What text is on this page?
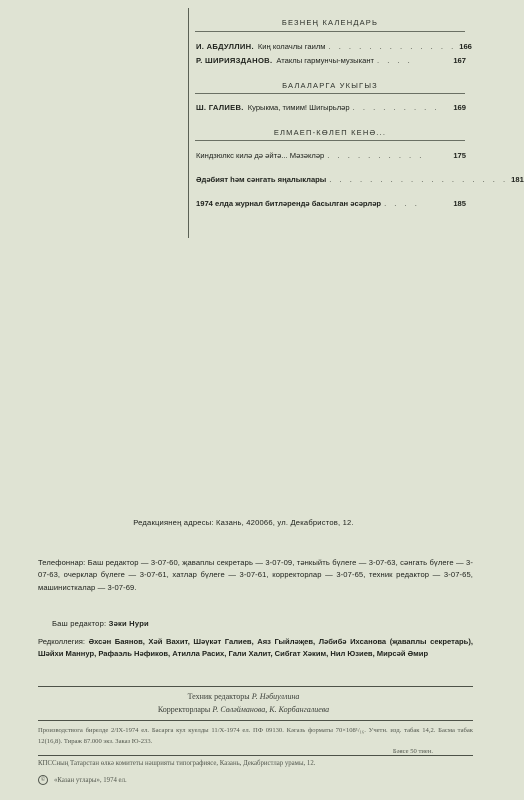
БЕЗНЕҢ КАЛЕНДАРЬ
И. АБДУЛЛИН. Киң колачлы гаилм . . . . . . . . . . . . . 166
Р. ШИРИЯЗДАНОВ. Атаклы гармунчы-музыкант . . . .	167
БАЛАЛАРГА УКЫГЫЗ
Ш. ГАЛИЕВ. Курыкма, тимим! Шигырьләр . . . . . . . . .	169
ЕЛМАЕП-КӨЛЕП КЕНӘ...
Киндзюлкс килә дә әйтә... Мәзәкләр . . . . . . . . . .	175
Әдәбият һәм сәнгать яңалыклары . . . . . . . . . . . . . . . . . . 181
1974 елда журнал битләрендә басылган әсәрләр . . . .	185
Редакциянең адресы: Казань, 420066, ул. Декабристов, 12.
Телефоннар: Баш редактор — 3-07-60, җаваплы секретарь — 3-07-09, тәнкыйть бүлеге — 3-07-63, сәнгать бүлеге — 3-07-63, очерклар бүлеге — 3-07-61, хатлар бүлеге — 3-07-61, корректорлар — 3-07-65, техник редактор — 3-07-65, машинисткалар — 3-07-69.
Баш редактор: Зәки Нури
Редколлегия: Әхсән Баянов, Хәй Вахит, Шәүкәт Галиев, Аяз Гыйләҗев, Ләбибә Ихсанова (җаваплы секретарь), Шәйхи Маннур, Рафаэль Нәфиков, Атилла Расих, Гали Халит, Сибгат Хәким, Нил Юзиев, Мирсәй Әмир
Техник редакторы Р. Нәбиуллина
Корректорлары Р. Сөләйманова, К. Корбангалиева
Производствога бирелде 2/IX-1974 ел. Басарга кул куелды 11/X-1974 ел. ПФ 09130. Кәгазь форматы 70×108¹/₁₆. Учетн. изд. табак 14,2. Басма табак 12(16,8). Тираж 87.000 экз. Заказ Ю-233.
Бәясе 50 тиен.
КПССның Татарстан өлкә комитеты нәшрияты типографиясе, Казань, Декабристлар урамы, 12.
©	«Казан утлары», 1974 ел.
